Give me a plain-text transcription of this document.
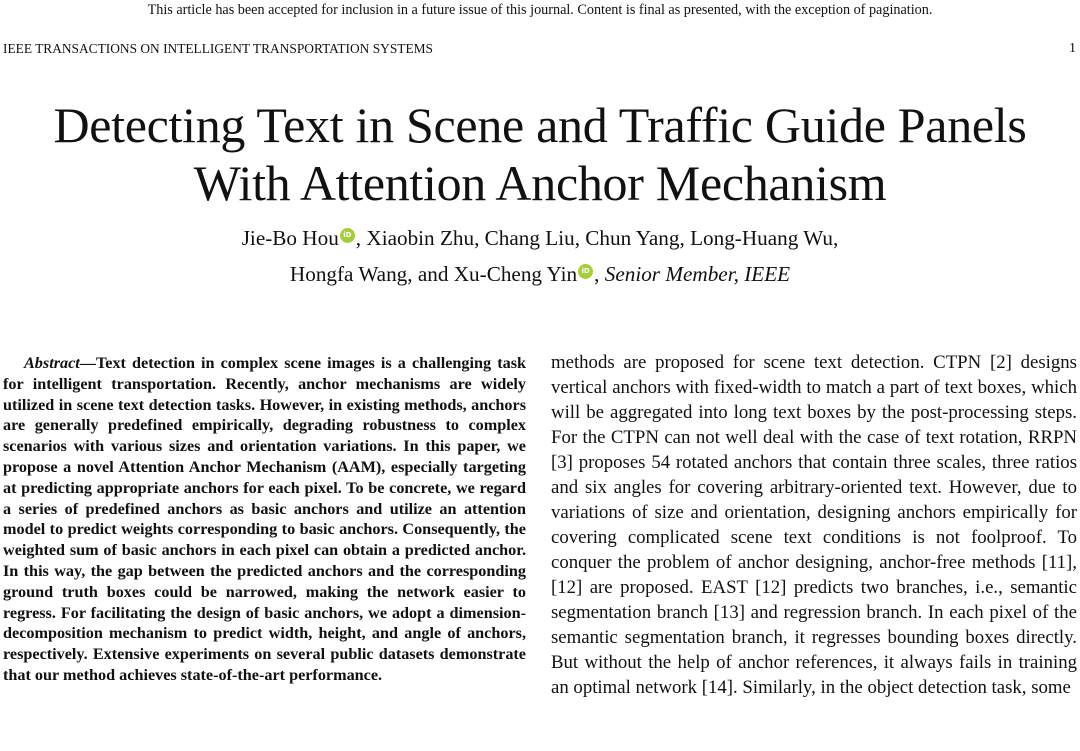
This article has been accepted for inclusion in a future issue of this journal. Content is final as presented, with the exception of pagination.
IEEE TRANSACTIONS ON INTELLIGENT TRANSPORTATION SYSTEMS	1
Detecting Text in Scene and Traffic Guide Panels
With Attention Anchor Mechanism
Jie-Bo Hou iD , Xiaobin Zhu, Chang Liu, Chun Yang, Long-Huang Wu,
Hongfa Wang, and Xu-Cheng Yin iD , Senior Member, IEEE

Abstract—Text detection in complex scene images is a challenging task for intelligent transportation. Recently, anchor mechanisms are widely utilized in scene text detection tasks. However, in existing methods, anchors are generally predefined empirically, degrading robustness to complex scenarios with various sizes and orientation variations. In this paper, we propose a novel Attention Anchor Mechanism (AAM), especially targeting at predicting appropriate anchors for each pixel. To be concrete, we regard a series of predefined anchors as basic anchors and utilize an attention model to predict weights corresponding to basic anchors. Consequently, the weighted sum of basic anchors in each pixel can obtain a predicted anchor. In this way, the gap between the predicted anchors and the corresponding ground truth boxes could be narrowed, making the network easier to regress. For facilitating the design of basic anchors, we adopt a dimension-decomposition mechanism to predict width, height, and angle of anchors, respectively. Extensive experiments on several public datasets demonstrate that our method achieves state-of-the-art performance.

methods are proposed for scene text detection. CTPN [2] designs vertical anchors with fixed-width to match a part of text boxes, which will be aggregated into long text boxes by the post-processing steps. For the CTPN can not well deal with the case of text rotation, RRPN [3] proposes 54 rotated anchors that contain three scales, three ratios and six angles for covering arbitrary-oriented text. However, due to variations of size and orientation, designing anchors empirically for covering complicated scene text conditions is not foolproof. To conquer the problem of anchor designing, anchor-free methods [11], [12] are proposed. EAST [12] predicts two branches, i.e., semantic segmentation branch [13] and regression branch. In each pixel of the semantic segmentation branch, it regresses bounding boxes directly. But without the help of anchor references, it always fails in training an optimal network [14]. Similarly, in the object detection task, some
